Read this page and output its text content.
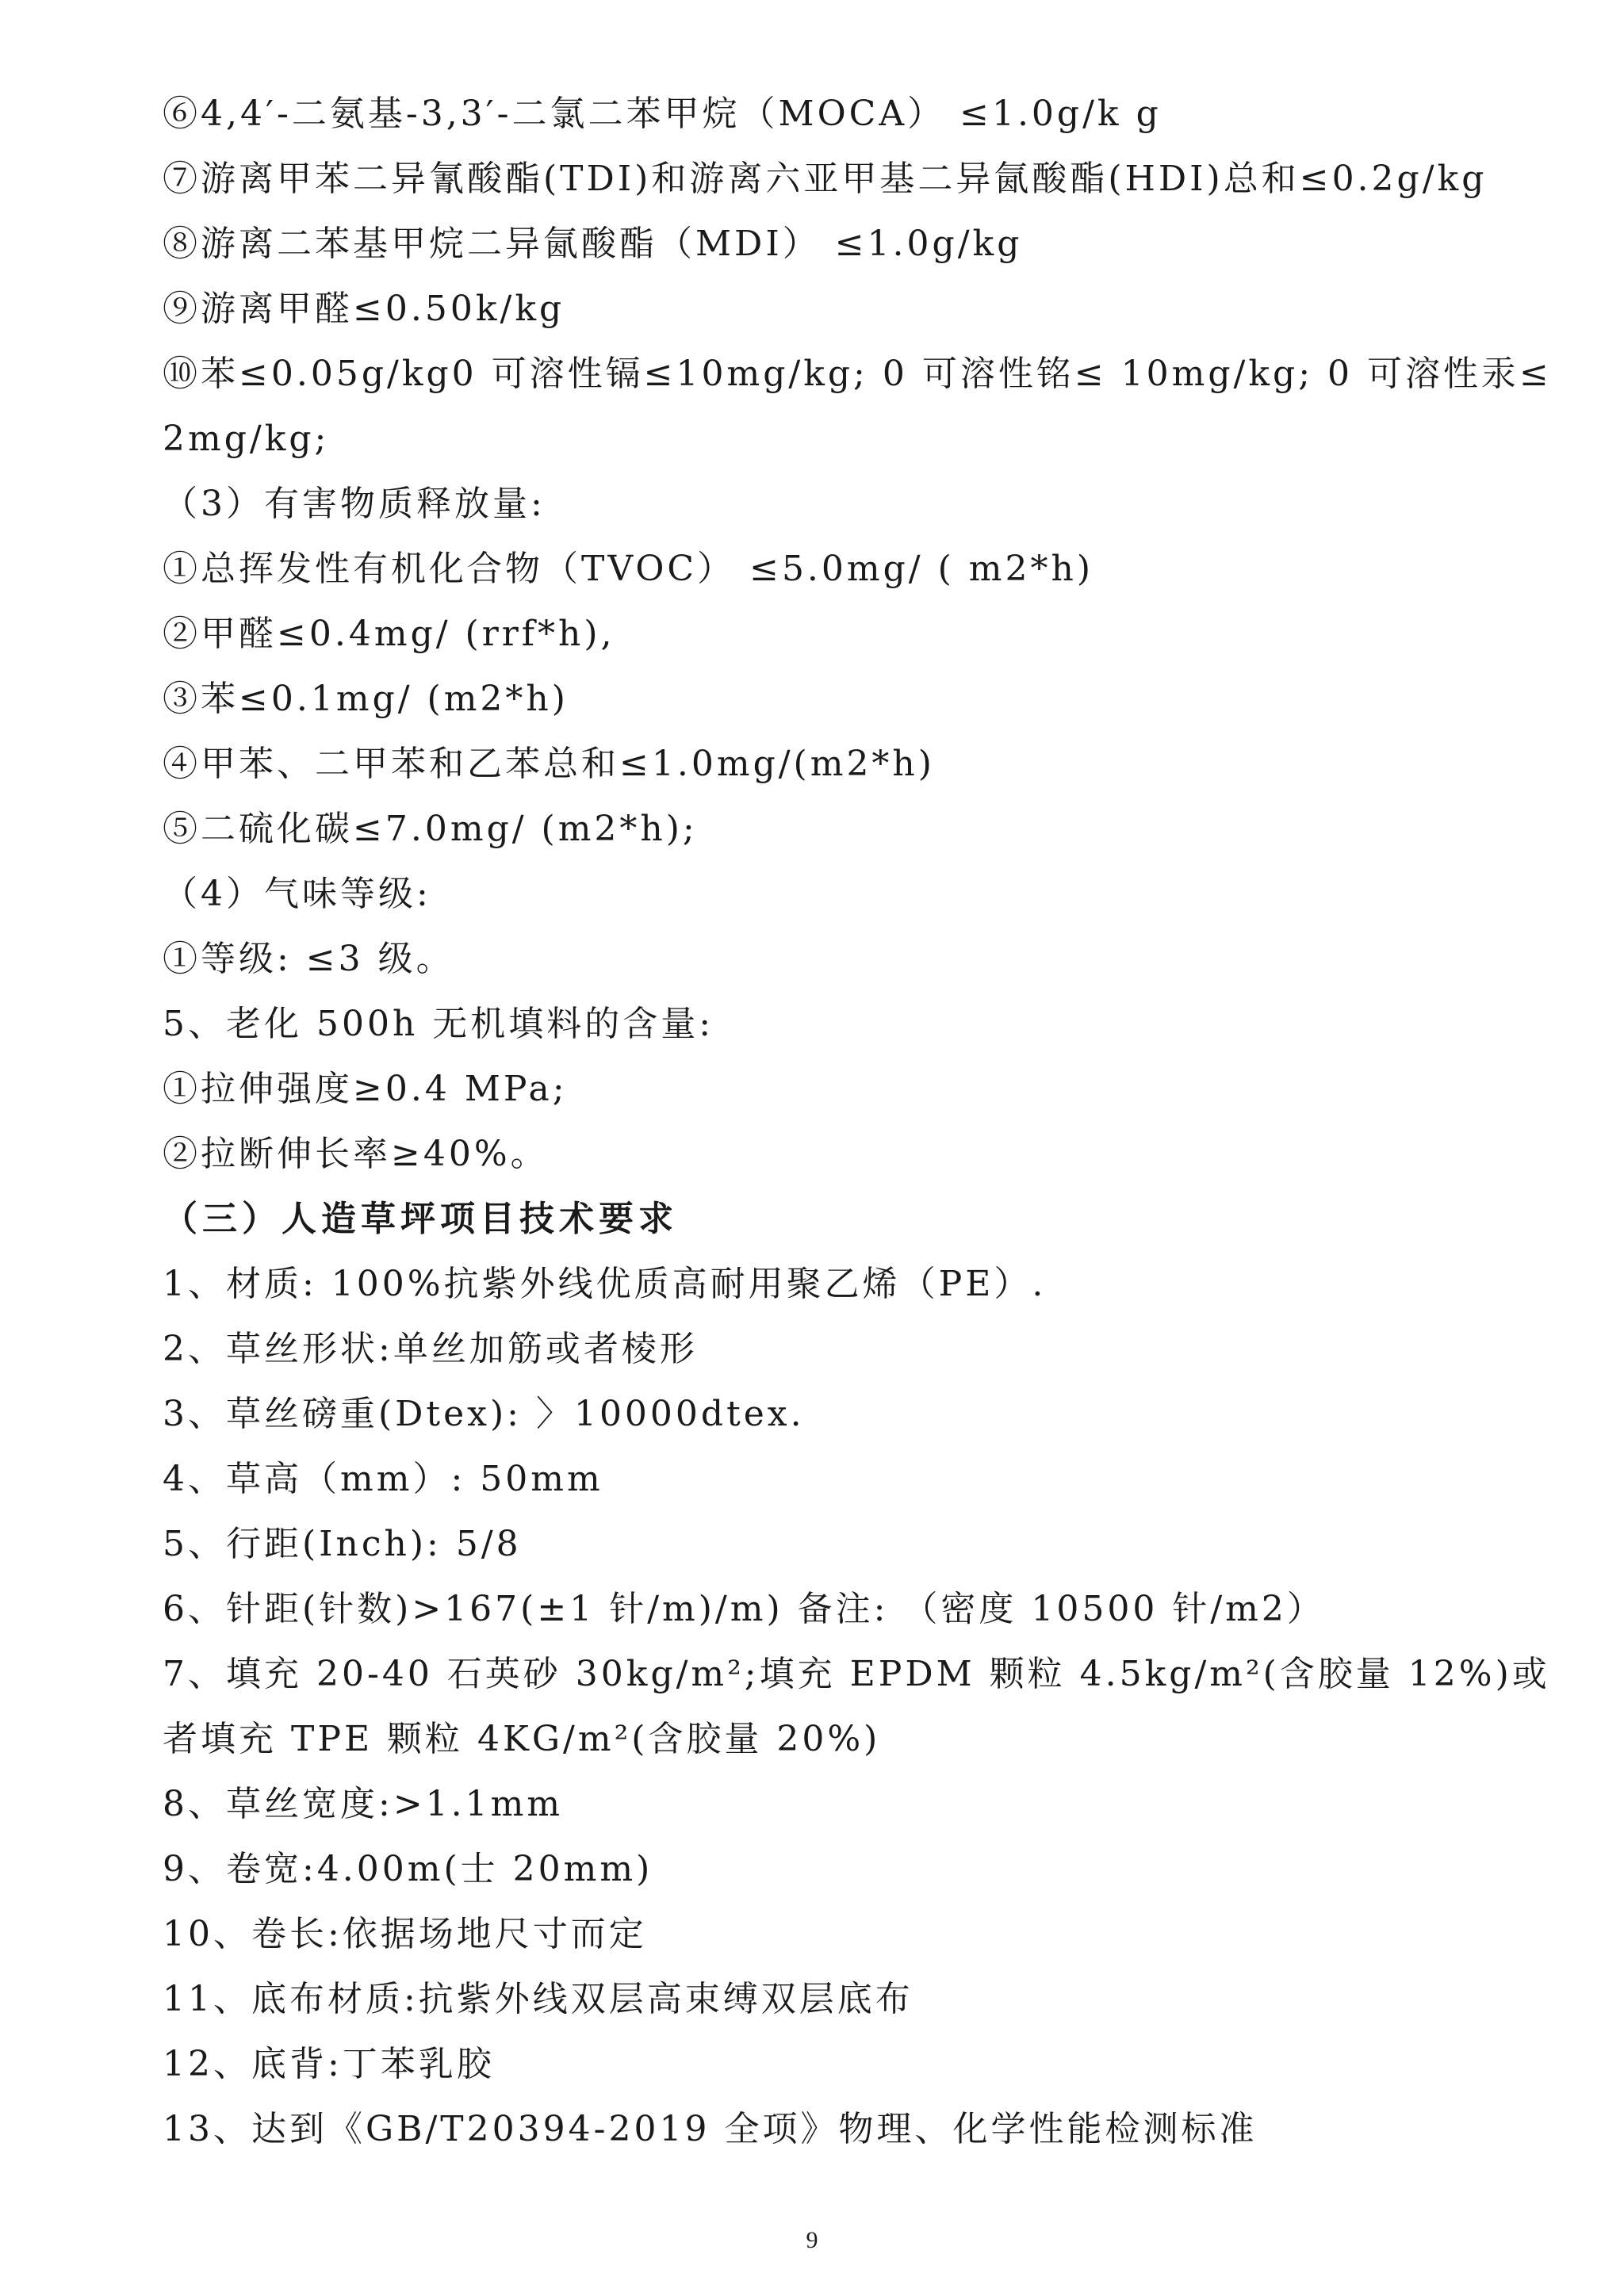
⑥4,4′-二氨基-3,3′-二氯二苯甲烷（MOCA） ≤1.0g/k g
⑦游离甲苯二异氰酸酯(TDI)和游离六亚甲基二异氤酸酯(HDI)总和≤0.2g/kg
⑧游离二苯基甲烷二异氤酸酯（MDI） ≤1.0g/kg
⑨游离甲醛≤0.50k/kg
⑩苯≤0.05g/kg0 可溶性镉≤10mg/kg; 0 可溶性铭≤ 10mg/kg; 0 可溶性汞≤
2mg/kg;
（3）有害物质释放量:
①总挥发性有机化合物（TVOC） ≤5.0mg/ ( m2*h)
②甲醛≤0.4mg/ (rrf*h),
③苯≤0.1mg/ (m2*h)
④甲苯、二甲苯和乙苯总和≤1.0mg/(m2*h)
⑤二硫化碳≤7.0mg/ (m2*h);
（4）气味等级:
①等级: ≤3 级。
5、老化 500h 无机填料的含量:
①拉伸强度≥0.4 MPa;
②拉断伸长率≥40%。
（三）人造草坪项目技术要求
1、材质: 100%抗紫外线优质高耐用聚乙烯（PE）.
2、草丝形状:单丝加筋或者棱形
3、草丝磅重(Dtex): 〉10000dtex.
4、草高（mm）: 50mm
5、行距(Inch): 5/8
6、针距(针数)>167(±1 针/m)/m) 备注: （密度 10500 针/m2）
7、填充 20-40 石英砂 30kg/m²;填充 EPDM 颗粒 4.5kg/m²(含胶量 12%)或
者填充 TPE 颗粒 4KG/m²(含胶量 20%)
8、草丝宽度:>1.1mm
9、卷宽:4.00m(士 20mm)
10、卷长:依据场地尺寸而定
11、底布材质:抗紫外线双层高束缚双层底布
12、底背:丁苯乳胶
13、达到《GB/T20394-2019 全项》物理、化学性能检测标准
9
